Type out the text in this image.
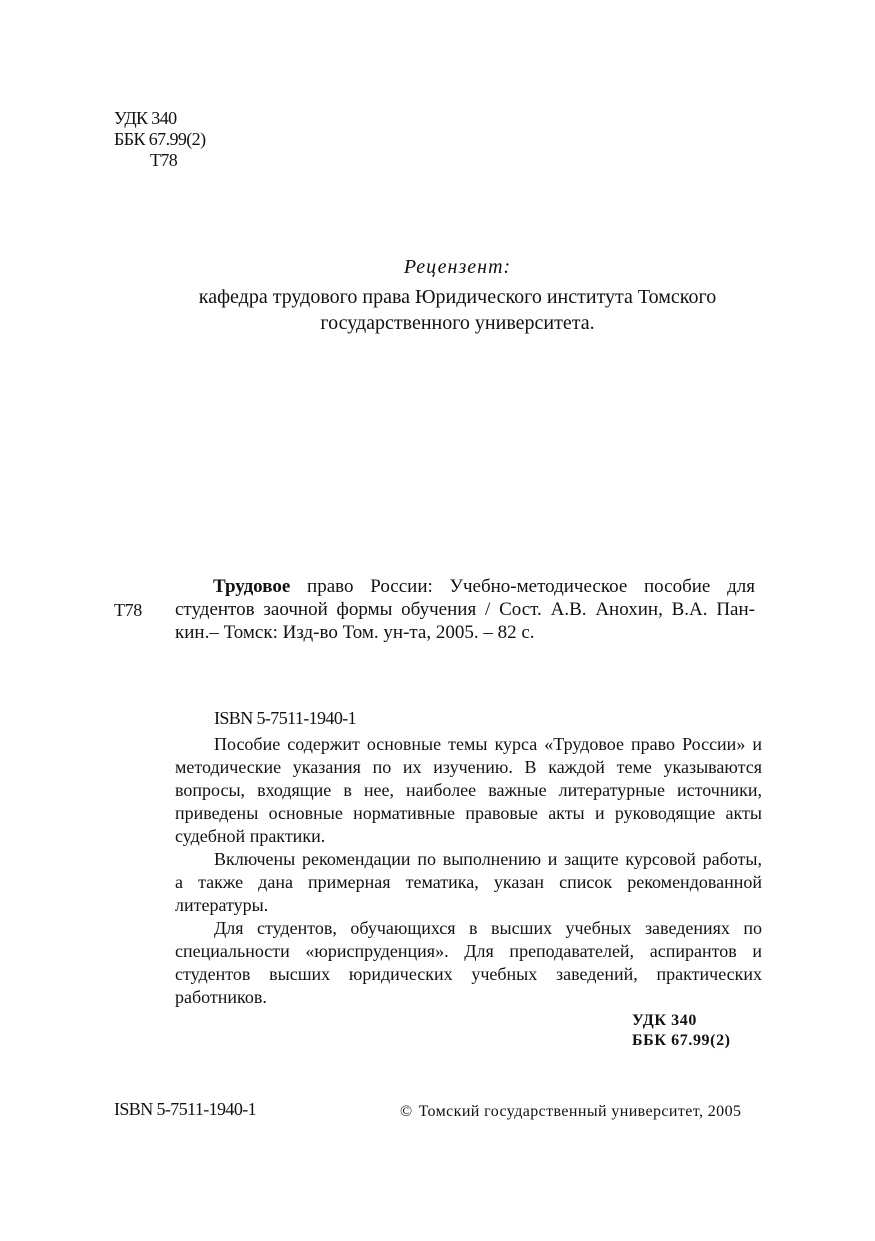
УДК 340
ББК 67.99(2)
Т78

Рецензент:

кафедра трудового права Юридического института Томского
государственного университета.

Т78

Трудовое право России: Учебно-методическое пособие для
студентов заочной формы обучения / Сост. А.В. Анохин, В.А. Пан-
кин.– Томск: Изд-во Том. ун-та, 2005. – 82 с.

ISBN 5-7511-1940-1

Пособие содержит основные темы курса «Трудовое право России» и
методические указания по их изучению. В каждой теме указываются
вопросы, входящие в нее, наиболее важные литературные источники,
приведены основные нормативные правовые акты и руководящие акты
судебной практики.
Включены рекомендации по выполнению и защите курсовой работы,
а также дана примерная тематика, указан список рекомендованной
литературы.
Для студентов, обучающихся в высших учебных заведениях по
специальности «юриспруденция». Для преподавателей, аспирантов и
студентов высших юридических учебных заведений, практических
работников.
УДК 340
ББК 67.99(2)

ISBN 5-7511-1940-1	© Томский государственный университет, 2005
